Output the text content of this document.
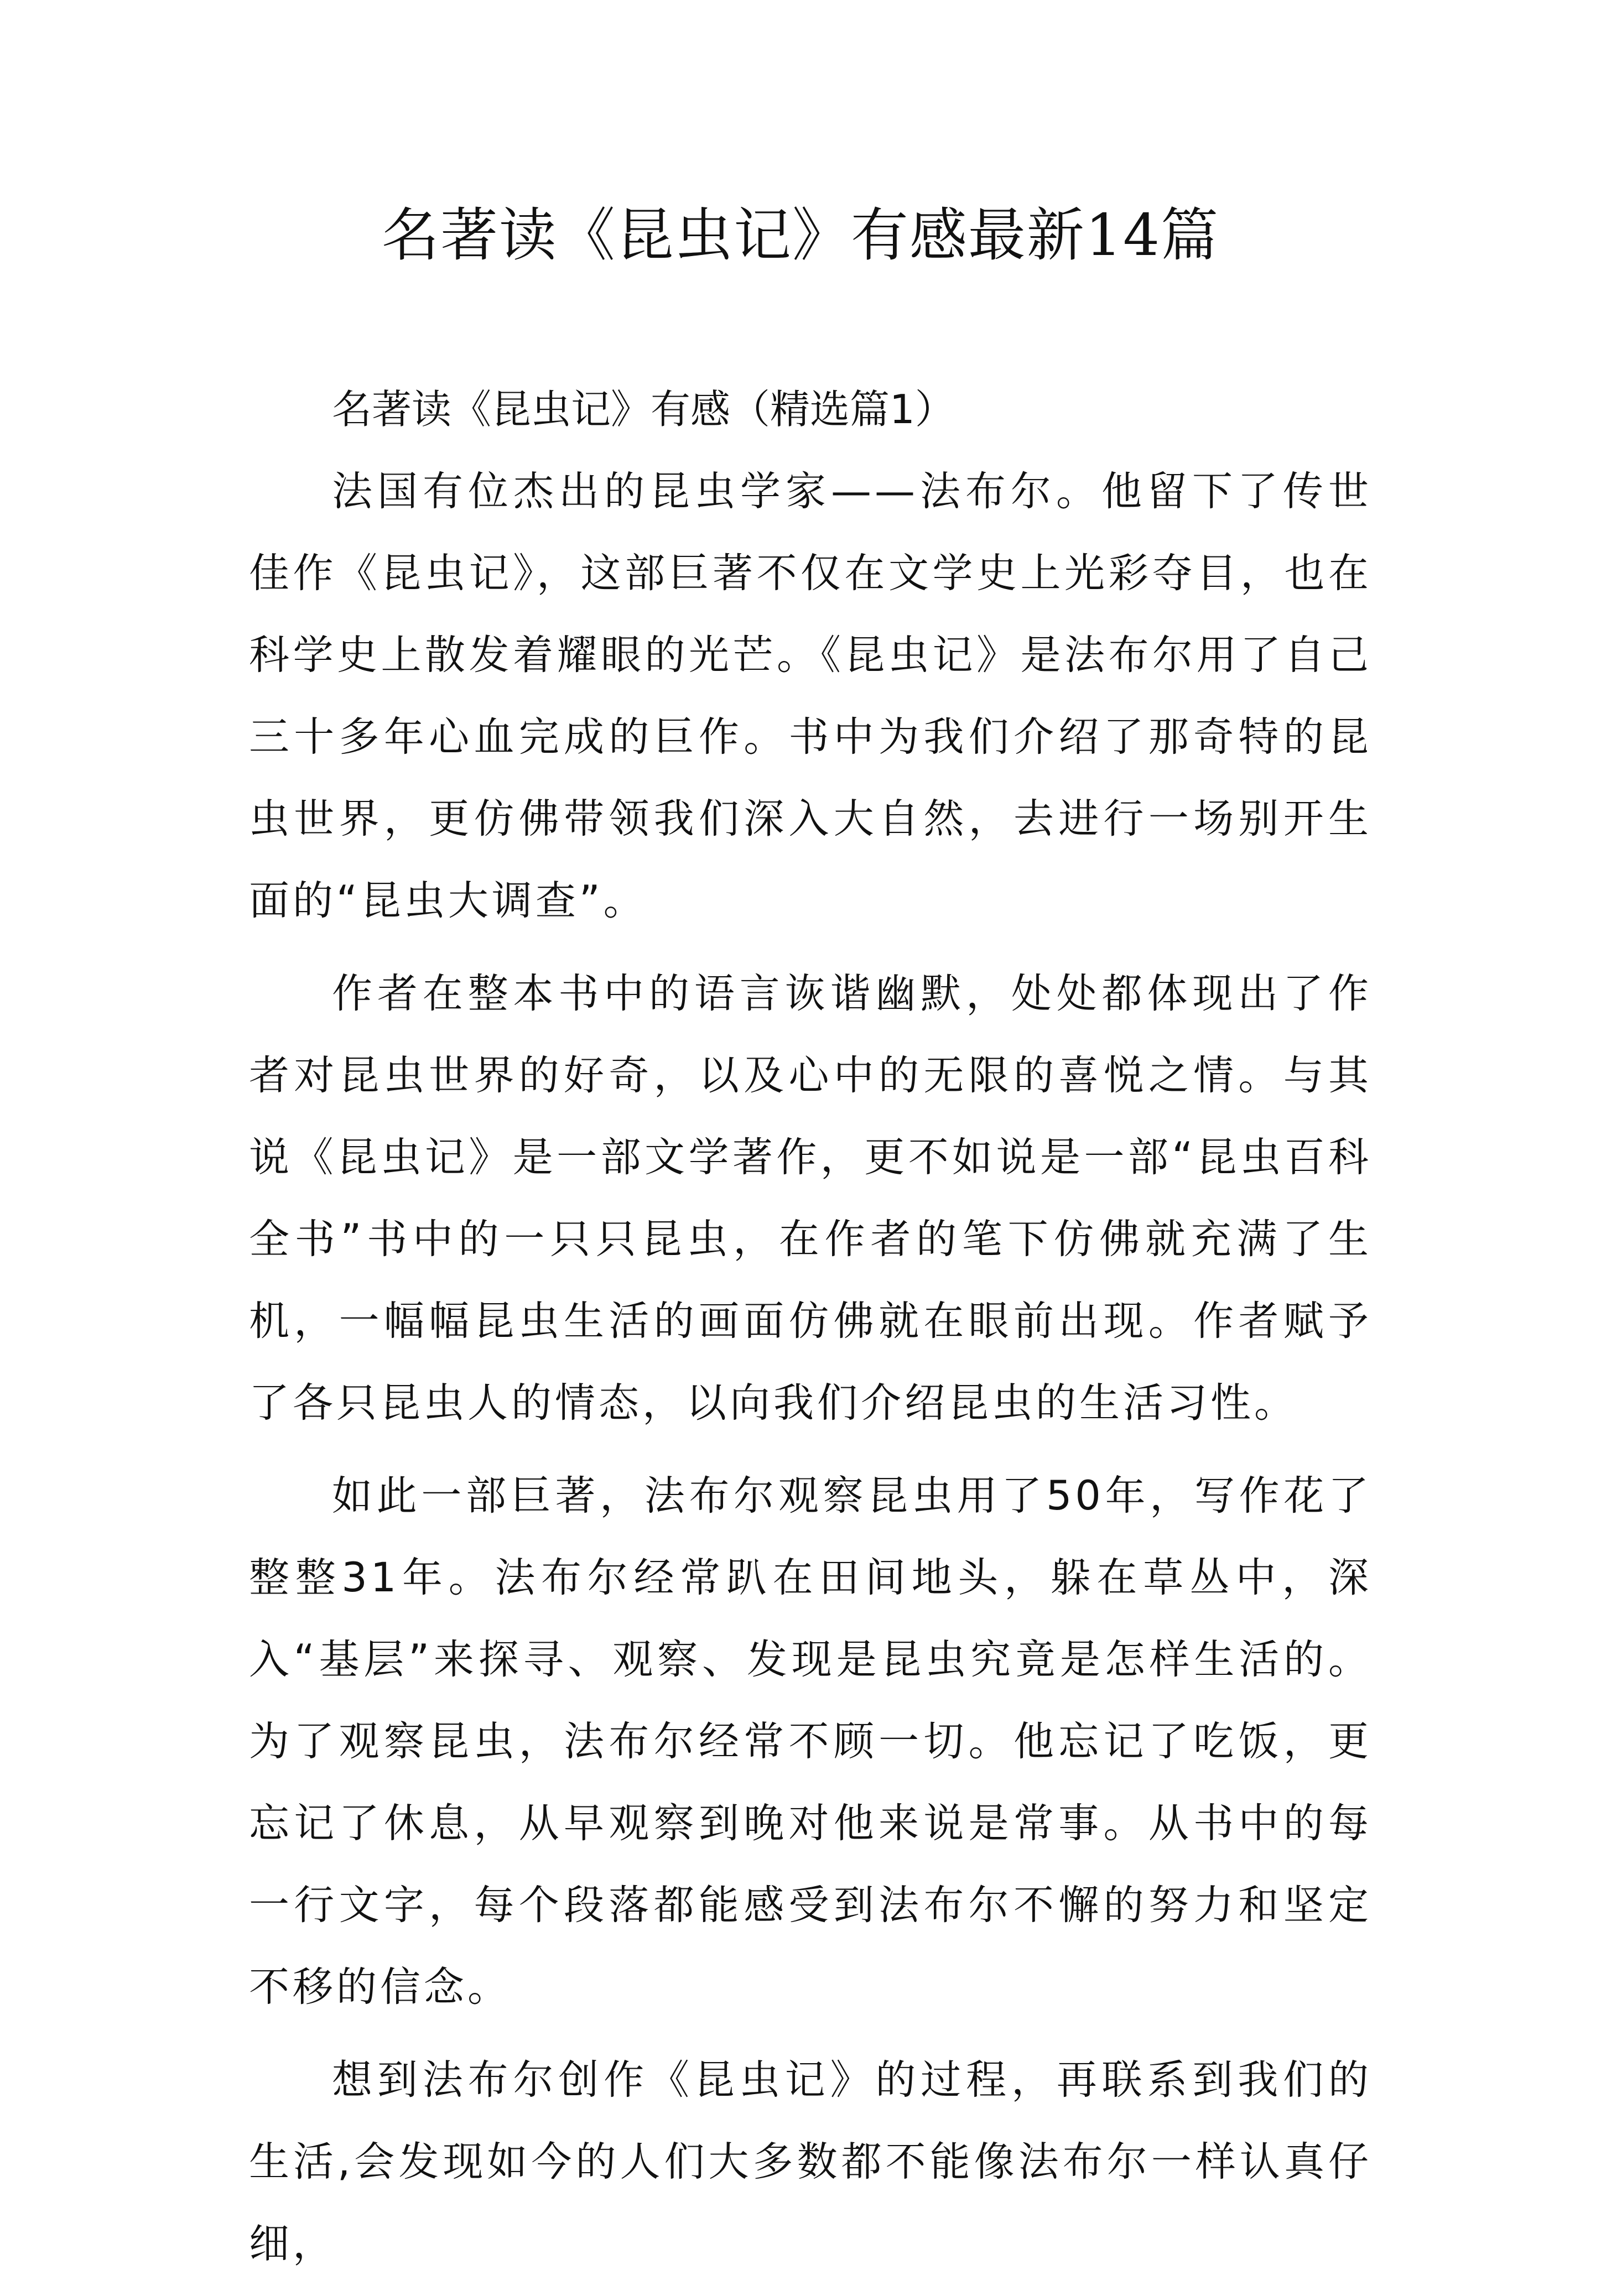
名著读《昆虫记》有感最新14篇

名著读《昆虫记》有感（精选篇1）

法国有位杰出的昆虫学家——法布尔。他留下了传世佳作《昆虫记》，这部巨著不仅在文学史上光彩夺目，也在科学史上散发着耀眼的光芒。《昆虫记》是法布尔用了自己三十多年心血完成的巨作。书中为我们介绍了那奇特的昆虫世界，更仿佛带领我们深入大自然，去进行一场别开生面的“昆虫大调查”。

作者在整本书中的语言诙谐幽默，处处都体现出了作者对昆虫世界的好奇，以及心中的无限的喜悦之情。与其说《昆虫记》是一部文学著作，更不如说是一部“昆虫百科全书”书中的一只只昆虫，在作者的笔下仿佛就充满了生机，一幅幅昆虫生活的画面仿佛就在眼前出现。作者赋予了各只昆虫人的情态，以向我们介绍昆虫的生活习性。

如此一部巨著，法布尔观察昆虫用了50年，写作花了整整31年。法布尔经常趴在田间地头，躲在草丛中，深入“基层”来探寻、观察、发现是昆虫究竟是怎样生活的。为了观察昆虫，法布尔经常不顾一切。他忘记了吃饭，更忘记了休息，从早观察到晚对他来说是常事。从书中的每一行文字，每个段落都能感受到法布尔不懈的努力和坚定不移的信念。

想到法布尔创作《昆虫记》的过程，再联系到我们的生活,会发现如今的人们大多数都不能像法布尔一样认真仔细，
